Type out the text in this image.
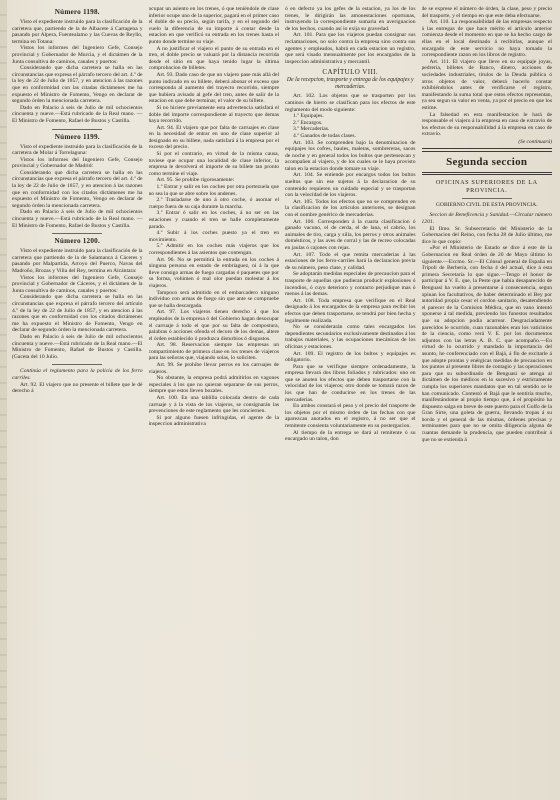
Número 1198.

Visto el expediente instruido para la clasificación de la carretera que, partiendo de la de Albacete á Cartagena y pasando por Alpera, Fuentealamo y las Cuevas de Reyllo, termina en Totana:

Vistos los informes del Ingeniero Gefe, Consejo provincial y Gobernador de Murcia, y el dictámen de la Junta consultiva de caminos, canales y puertos:

Considerando que dicha carretera se halla en las circunstancias que expresa el párrafo tercero del art. 4.º de la ley de 22 de Julio de 1857, y en atencion á las razones que en conformidad con las citadas dictámenes me ha expuesto el Ministro de Fomento, Vengo en declarar de segundo órden la mencionada carretera.

Dado en Palacio á seis de Julio de mil ochocientos cincuenta y nueve.—Está rubricado de la Real mano. —El Ministro de Fomento, Rafael de Bustos y Castilla.

Número 1199.

Visto el expediente instruido para la clasificación de la carretera de Molar á Torrelaguna:

Vistos los informes del Ingeniero Gefe, Consejo provincial y Gobernador de Madrid:

Considerando que dicha carretera se halla en las circunstancias que expresa el párrafo tercero del art. 4.º de la ley de 22 de Julio de 1857, y en atencion á las razones que en conformidad con los citados dictámenes me ha expuesto el Ministro de Fomento, Vengo en declarar de segundo órden la mencionada carretera.

Dado en Palacio á seis de Julio de mil ochocientos cincuenta y nueve.—Está rubricado de la Real mano. —El Ministro de Fomento, Rafael de Bustos y Castilla.

Número 1200.

Visto el expediente instruido para la clasificación de la carretera que partiendo de la de Salamanca á Cáceres y pasando por Malpartida, Arroyo del Puerco, Navas del Madroño, Brozas y Villa del Rey, termina en Alcántara:

Vistos los informes del Ingeniero Gefe, Consejo provincial y Gobernador de Cáceres, y el dictámen de la Junta consultiva de caminos, canales y puertos:

Considerando que dicha carretera se halla en las circunstancias que expresa el párrafo tercero del artículo 4.º de la ley de 22 de Julio de 1857, y en atencion á las razones que en conformidad con los citados dictámenes me ha expuesto el Ministro de Fomento, Vengo en declarar de segundo órden la mencionada carretera.

Dado en Palacio á seis de Julio de mil ochocientos cincuenta y nueve.—Está rubricado de la Real mano.—El Ministro de Fomento, Rafael de Bustos y Castilla. (Gaceta del 10 Julio.

Continúa el reglamento para la policía de los ferro carriles.

Art. 92. El viajero que no presente el billete que le dé derecho á

ocupar un asiento en los trenes, ó que teniéndole de clase inferior ocupe uno de la superior, pagará en el primer caso el doble de su precio, según tarifa, y en el segundo del vuelo la diferencia de su importe á contar desde la estacion en que verificó su entrada en los trenes hasta el punto donde termine su viaje.

A no justificar el viajero el punto de su entrada en el tren, el doble precio se valuará por la distancia recorrida desde el sitio en que haya tenido lugar la última comprobacion de billetes.

Art. 93. Dado caso de que un viajero pase más allá del punto indicado en su billete, deberá abonar el exceso que corresponda al aumento del trayecto recorrido, siempre que hubiera avisado al gefe del tren, antes de salir de la estacion en que debe terminar, el valor de su billete.

Si no hiciere previamente esta advertencia satisfará el doble del importe correspondiente al trayecto que demas haya recorrido.

Art. 94. El viajero que por falta de carruajes en clase en la necesidad de entrar en uno de clase superior al designado en su billete, nada satisfará á la empresa por el exceso del precio.

Si por el contrario, en virtud de la misma causa, tuviese que ocupar una localidad de clase inferior, la empresa le devolverá el importe de su billete tan pronto como termine el viaje.

Art. 95. Se prohibe rigorosamente:

1.º Entrar y salir en los coches por otra portezuela que no sea la que se abre sobre los andenes.

2.º Trasladarse de uno á otro coche, ó asomar el cuerpo fuera de su caja durante la marcha.

3.º Entrar ó salir en los coches, á no ser en las estaciones y cuando el tren se halle completamente parado.

4.º Subir á los coches puesto ya el tren en movimiento.

5.º Admitir en los coches más viajeros que los correspondientes á las asientos que contengan.

Art. 96. No se permitirá la entrada en los coches á ninguna persona en estado de embriaguez, ni á la que lleve consigo armas de fuego cargadas ó paquetes que por su forma, volúmen ó mal olor puedan molestar á los viajeros.

Tampoco será admitido en el embarcadero ninguno individuo con armas de fuego sin que ante se compruebe que se halla descargada.

Art. 97. Los viajeros tienen derecho á que los empleados de la empresa ó del Gobierno hagan desocupar el carruaje á todo el que por su falta de compostura, palabras ó acciones ofenda el decoro de los demas, altere el órden establecido ó produzca disturbios ó disgustos.

Art. 98. Reservacion siempre las empresas un compartimiento de primera clase en los trenes de viajeros para las señoras que, viajando solas, lo soliciten.

Art. 99. Se prohibe llevar perros en los carruajes de viajeros.

No obstante, la empresa podrá admitirlos en vagones especiales á los que no quieran separarse de sus perros, siempre que estos lleven bozales.

Art. 100. En una tablilla colocada dentro de cada carruaje y á la vista de los viajeros, se consignarán las prevenciones de este reglamento que les conciernen.

Si por alguno fuesen infringidas, el agente de la inspeccion administrativa

ó en defecto ya los gefes de la estacion, ya los de los trenes, le dirigirán las amonestaciones oportunas, instruyendo la correspondiente sumaria en averiguacion de los hechos, cuando así lo exija su gravedad.

Art. 101. Para que los viajeros puedan consignar sus reclamaciones, no solo contra la empresa sino contra sus agentes y empleados, habrá en cada estacion un registro, que será visado mensualmente por los encargados de la inspeccion administrativa y mercantil.

CAPÍTULO VIII.
De la recepcion, trasporte y entrega de los equipajes y mercaderías.

Art. 102. Los objetos que se trasporten por los caminos de hierro se clasifican para los efectos de este reglamento del modo siguiente:

1.º Equipajes.

2.º Encargos.

3.º Mercaderías.

4.º Ganados de todas clases.

Art. 103. Se comprenden bajo la denominacion de equipajes los cofres, baules, maletas, sombrereras, sacos de noche y en general todos los bultos que pertenezcan y acompañen al viajero, y de los cuales se le haya provisto talon en la estacion donde tomare su viaje.

Art. 104. Se entiende por encargos todos los bultos sueltos que sin ese sujetos á la declaracion de su contenido requieren un cuidado especial y se trasportan con la velocidad de los viajeros.

Art. 105. Todos los efectos que no se comprenden en la clasificacion de los artículos anteriores, se designan con el nombre genérico de mercaderías.

Art. 106. Corresponden á la cuarta clasificacion ó ganado vacuno, el de cerda, el de lana, el cabrío, los animales de tiro, carga y silla, los perros y otros animales domésticos, y las aves de corral y las de recreo colocadas en jaulas ó cajones con rejas.

Art. 107. Todo el que remita mercaderías á las estaciones de los ferro-carriles hará la declaracion previa de su número, peso clase, y calidad.

Se adoptarán medidas especiales de precaucion para el trasporte de aquellas que pudieran producir explosiones ó incendios, ó cuyo deterioro y contacto perjudique mas ó menos á las demas.

Art. 108. Toda empresa que verifique en el Real designado á los encargados de la empresa para recibir los efectos que deben trasportarse, se tendrá por bien hecha y legalmente realizada.

No se considerarán como tales encargados los dependientes secundarios exclusivamente destinados á los trabajos materiales, y las ocupaciones mecánicas de los oficinas y estaciones.

Art. 109. El registro de los bultos y equipajes es obligatorio.

Para que se verifique siempre ordenadamente, la empresa llevará dos libros foliados y rubricados: uno en que se anoten los efectos que deben trasportarse con la velocidad de los viajeros; otro donde se tomará razon de los que han de conducirse en los trenes de las mercaderías.

En ambos constará el peso y el precio del trasporte de los objetos por el mismo órden de las fechas con que aparezcan anotados en el registro, á no ser que el remitente consienta voluntariamente en su postergacion.

Al tiempo de la entrega se dará al remitente ó su encargado un talon, don

de se exprese el número de órden, la clase, peso y precio del trasporte, y el tiempo en que este deba efectuarse.

Art. 110. La responsabilidad de las empresas respecto á las entregas de que hace mérito el artículo anterior comienza desde el momento en que se ha hecho cargo de ellas en el local destinado á recibirlas, aunque el encargado de este servicio no haya tomado la correspondiente razon en los libros de registro.

Art. 111. El viajero que lleve en su equipaje joyas, pedrería, billetes de Banco, dinero, acciones de sociedades industriales, títulos de la Deuda pública ó otros objetos de valor, deberá hacerlo constar exhibiéndolos antes de verificarse el registro, manifestando la suma total que estos efectos representan, ya sea segun su valor en venta, ya por el precio en que los estime.

La falsedad en esta manifestacion le hará de responsable el viajero á la empresa en caso de extravío de los efectos de su responsabilidad á la empresa en caso de extravío.

(Se continuará)
Segunda seccion
OFICINAS SUPERIORES DE LA PROVINCIA.
GOBIERNO CIVIL DE ESTA PROVINCIA.

Seccion de Beneficencia y Sanidad.—Circular número 1201.

El Ilmo. Sr. Subsecretario del Ministerio de la Gobernacion del Reino, con fecha 28 de Julio último, me dice lo que copio:

«Por el Ministerio de Estado se dice á este de la Gobernacion en Real órden de 20 de Mayo último lo siguiente.—Excmo. Sr.—El Cónsul general de España en Trípoli de Berbería, con fecha 4 del actual, dice á esta primera Secretaría lo que sigue.—Tengo el honor de participar á V. E. que, la Peste que había desaparecido de Benguasi ha vuelto á presentarse á consecuencia, segun opinan los facultativos, de haber determinado el Bey por autoridad propia cesar el cordon sanitario, desatendiendo el parecer de la Comision Médica, que en vano intentó oponerse á tal medida, previendo los funestos resultados que su adopcion podía acarrear. Desgraciadamente parecidos le ocurrido, cuan razonables eran los vaticinios de la ciencia, como verá V. E. por los documentos adjuntos con las letras A. B. C. que acompaño.—En virtud de lo ocurrido y mandado la importancia del asunto, he conferenciado con el Bajá, á fin de excitarle á que adopte prontas y enérgicas medidas de precaucion en los puntos al presente libres de contagio y las operaciones para que su subordinado de Benguasi se atenga al dictámen de los médicos en lo sucesivo y estrictamente cumpla los superiores mandatos que en tal sentido se le han comunicado. Contestó el Bajá que le sentiría mucho, manifestándome al propio tiempo que, á el propósito ha dispuesto salga en breve de este puerto para el Golfo de la Gran Sirte, una goleta de guerra, llevando tropas á su bordo y el general de las mismas, órdenes precisas y terminantes para que no se omita diligencia alguna de cuantas demande la prudencia, que pueden contribuir á que no se extienda á
